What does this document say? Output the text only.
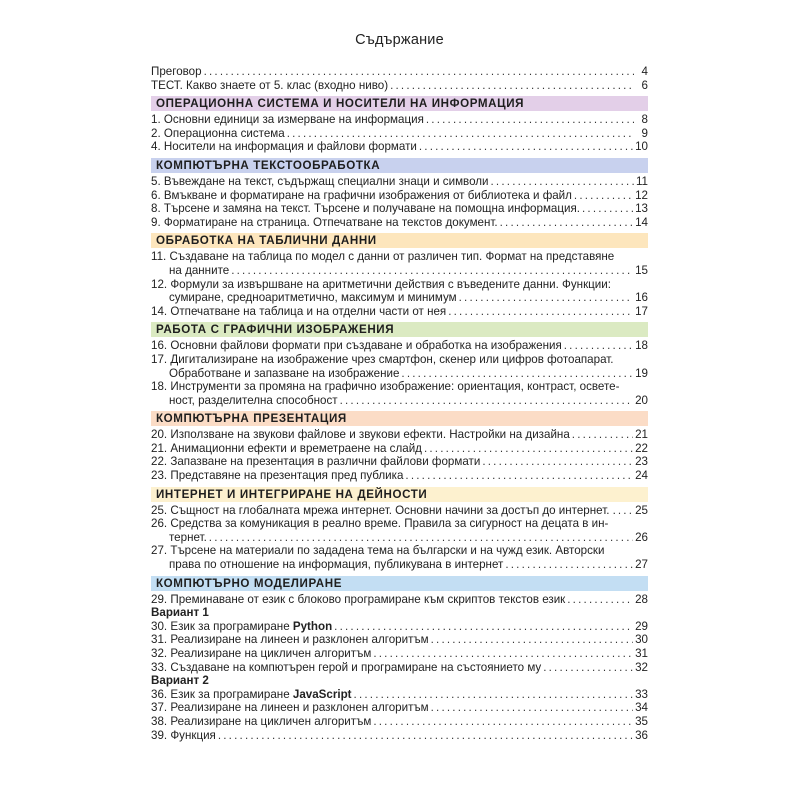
Съдържание
Преговор .....	4
ТЕСТ. Какво знаете от 5. клас (входно ниво) .....	6
ОПЕРАЦИОННА СИСТЕМА И НОСИТЕЛИ НА ИНФОРМАЦИЯ
1. Основни единици за измерване на информация .....	8
2. Операционна система .....	9
4. Носители на информация и файлови формати .....	10
КОМПЮТЪРНА ТЕКСТООБРАБОТКА
5. Въвеждане на текст, съдържащ специални знаци и символи .....	11
6. Вмъкване и форматиране на графични изображения от библиотека и файл .....	12
8. Търсене и замяна на текст. Търсене и получаване на помощна информация. .....	13
9. Форматиране на страница. Отпечатване на текстов документ. .....	14
ОБРАБОТКА НА ТАБЛИЧНИ ДАННИ
11. Създаване на таблица по модел с данни от различен тип. Формат на представяне
на данните .....	15
12. Формули за извършване на аритметични действия с въведените данни. Функции:
сумиране, средноаритметично, максимум и минимум .....	16
14. Отпечатване на таблица и на отделни части от нея .....	17
РАБОТА С ГРАФИЧНИ ИЗОБРАЖЕНИЯ
16. Основни файлови формати при създаване и обработка на изображения .....	18
17. Дигитализиране на изображение чрез смартфон, скенер или цифров фотоапарат.
Обработване и запазване на изображение .....	19
18. Инструменти за промяна на графично изображение: ориентация, контраст, освете-
ност, разделителна способност .....	20
КОМПЮТЪРНА ПРЕЗЕНТАЦИЯ
20. Използване на звукови файлове и звукови ефекти. Настройки на дизайна .....	21
21. Анимационни ефекти и времетраене на слайд .....	22
22. Запазване на презентация в различни файлови формати .....	23
23. Представяне на презентация пред публика .....	24
ИНТЕРНЕТ И ИНТЕГРИРАНЕ НА ДЕЙНОСТИ
25. Същност на глобалната мрежа интернет. Основни начини за достъп до интернет. . ..... 25
26. Средства за комуникация в реално време. Правила за сигурност на децата в ин-
тернет. .....	26
27. Търсене на материали по зададена тема на български и на чужд език. Авторски
права по отношение на информация, публикувана в интернет .....	27
КОМПЮТЪРНО МОДЕЛИРАНЕ
29. Преминаване от език с блоково програмиране към скриптов текстов език .....	28
Вариант 1
30. Език за програмиране Python .....	29
31. Реализиране на линеен и разклонен алгоритъм .....	30
32. Реализиране на цикличен алгоритъм .....	31
33. Създаване на компютърен герой и програмиране на състоянието му .....	32
Вариант 2
36. Език за програмиране JavaScript .....	33
37. Реализиране на линеен и разклонен алгоритъм .....	34
38. Реализиране на цикличен алгоритъм .....	35
39. Функция .....	36
